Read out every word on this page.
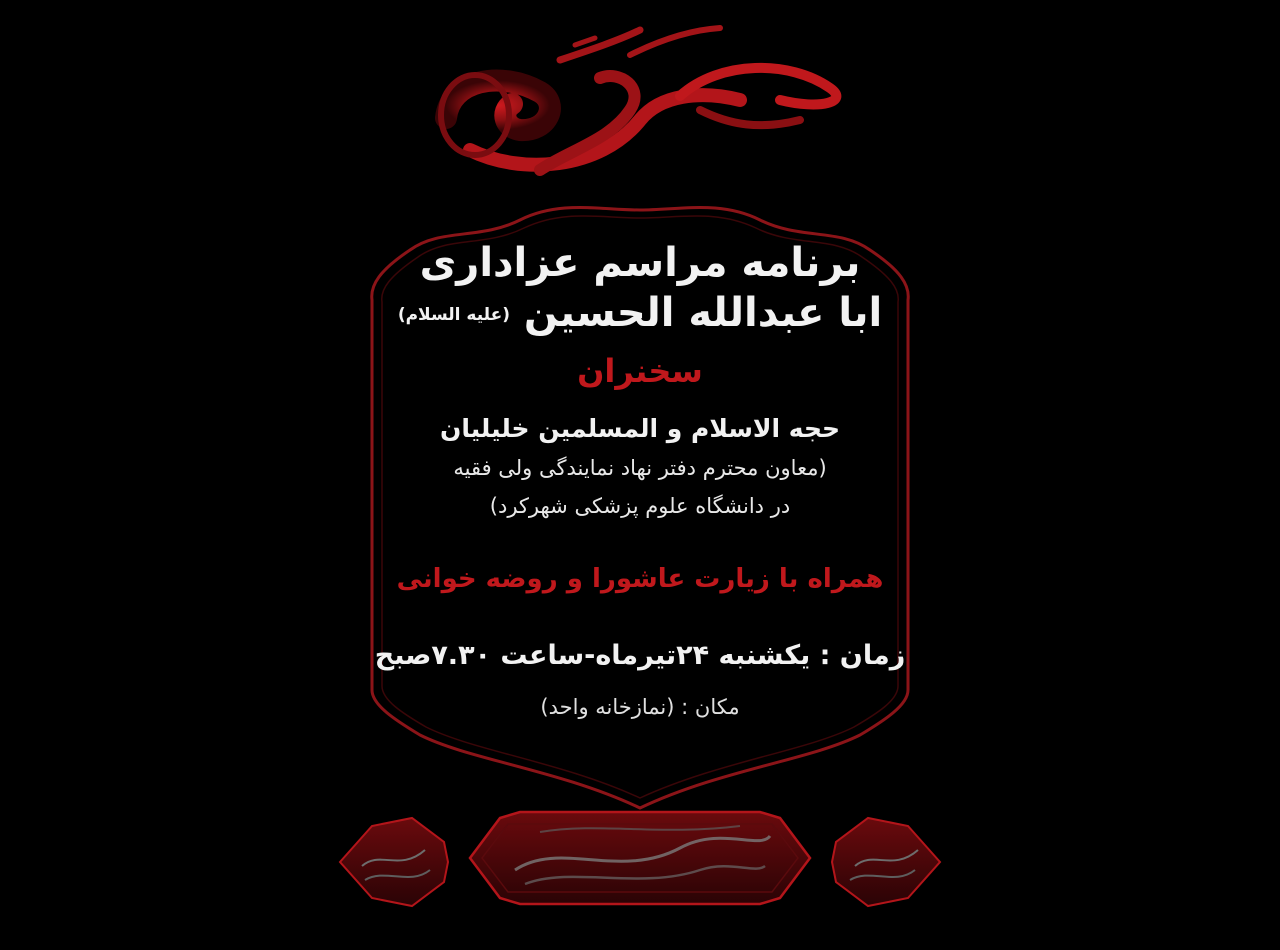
برنامه مراسم عزاداری
ابا عبدالله الحسین (علیه السلام)
سخنران
حجه الاسلام و المسلمین خلیلیان
(معاون محترم دفتر نهاد نمایندگی ولی فقیه
در دانشگاه علوم پزشکی شهرکرد)
همراه با زیارت عاشورا و روضه خوانی
زمان : یکشنبه ۲۴تیرماه-ساعت ۷.۳۰صبح
مکان : (نمازخانه واحد)
